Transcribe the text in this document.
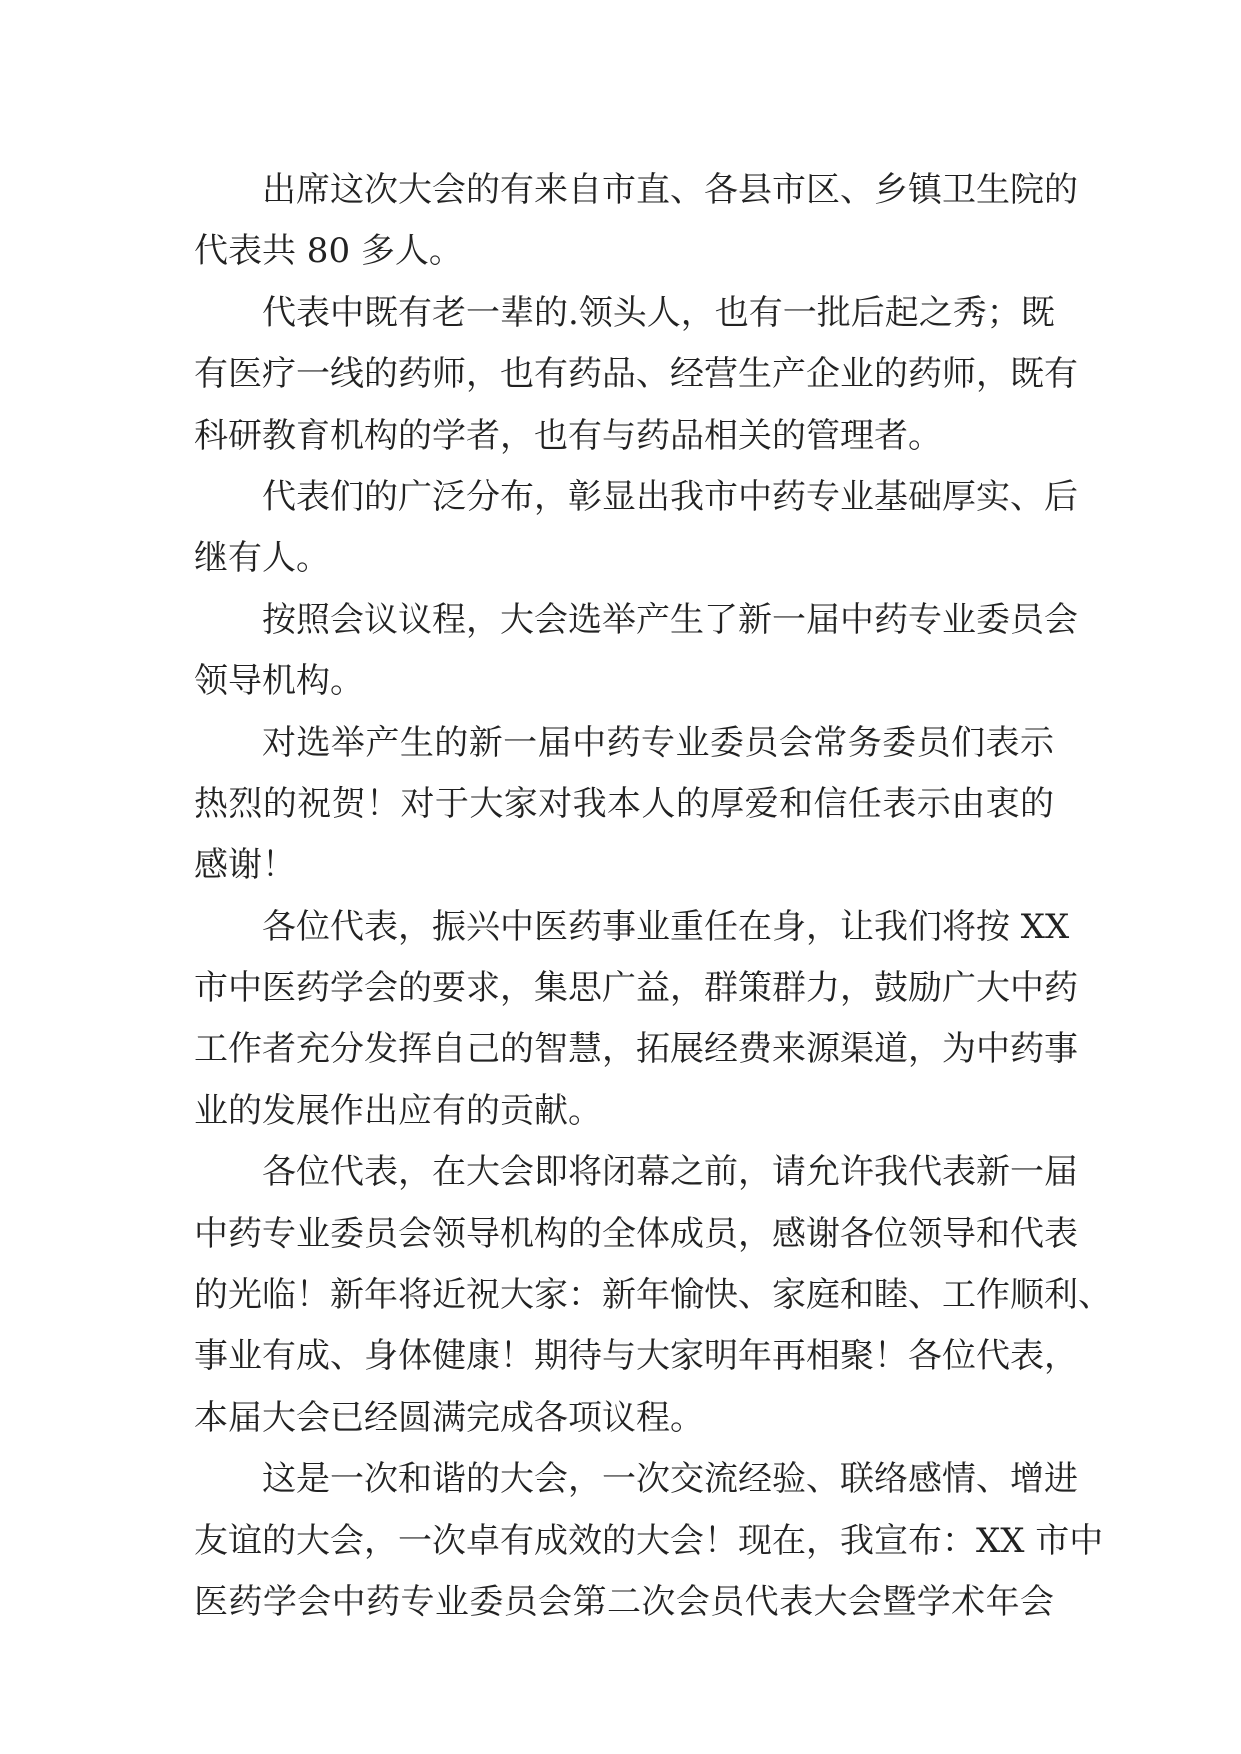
出席这次大会的有来自市直、各县市区、乡镇卫生院的
代表共 80 多人。
代表中既有老一辈的.领头人，也有一批后起之秀；既
有医疗一线的药师，也有药品、经营生产企业的药师，既有
科研教育机构的学者，也有与药品相关的管理者。
代表们的广泛分布，彰显出我市中药专业基础厚实、后
继有人。
按照会议议程，大会选举产生了新一届中药专业委员会
领导机构。
对选举产生的新一届中药专业委员会常务委员们表示
热烈的祝贺！对于大家对我本人的厚爱和信任表示由衷的
感谢！
各位代表，振兴中医药事业重任在身，让我们将按 XX
市中医药学会的要求，集思广益，群策群力，鼓励广大中药
工作者充分发挥自己的智慧，拓展经费来源渠道，为中药事
业的发展作出应有的贡献。
各位代表，在大会即将闭幕之前，请允许我代表新一届
中药专业委员会领导机构的全体成员，感谢各位领导和代表
的光临！新年将近祝大家：新年愉快、家庭和睦、工作顺利、
事业有成、身体健康！期待与大家明年再相聚！各位代表，
本届大会已经圆满完成各项议程。
这是一次和谐的大会，一次交流经验、联络感情、增进
友谊的大会，一次卓有成效的大会！现在，我宣布：XX 市中
医药学会中药专业委员会第二次会员代表大会暨学术年会
